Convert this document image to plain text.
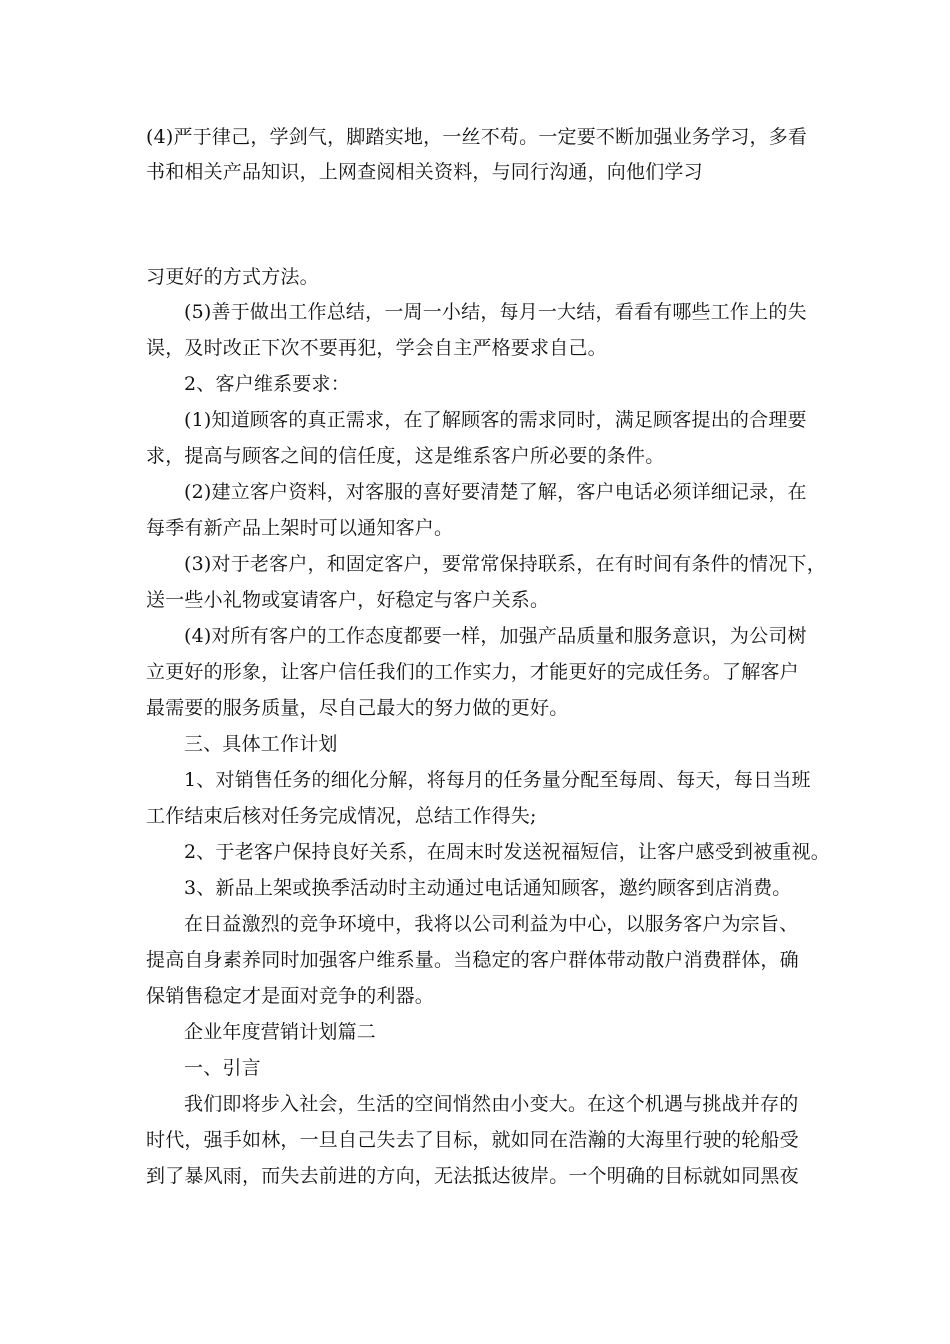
(4)严于律己，学剑气，脚踏实地，一丝不苟。一定要不断加强业务学习，多看
书和相关产品知识，上网查阅相关资料，与同行沟通，向他们学习
习更好的方式方法。
(5)善于做出工作总结，一周一小结，每月一大结，看看有哪些工作上的失
误，及时改正下次不要再犯，学会自主严格要求自己。
2、客户维系要求：
(1)知道顾客的真正需求，在了解顾客的需求同时，满足顾客提出的合理要
求，提高与顾客之间的信任度，这是维系客户所必要的条件。
(2)建立客户资料，对客服的喜好要清楚了解，客户电话必须详细记录，在
每季有新产品上架时可以通知客户。
(3)对于老客户，和固定客户，要常常保持联系，在有时间有条件的情况下，
送一些小礼物或宴请客户，好稳定与客户关系。
(4)对所有客户的工作态度都要一样，加强产品质量和服务意识，为公司树
立更好的形象，让客户信任我们的工作实力，才能更好的完成任务。了解客户
最需要的服务质量，尽自己最大的努力做的更好。
三、具体工作计划
1、对销售任务的细化分解，将每月的任务量分配至每周、每天，每日当班
工作结束后核对任务完成情况，总结工作得失;
2、于老客户保持良好关系，在周末时发送祝福短信，让客户感受到被重视。
3、新品上架或换季活动时主动通过电话通知顾客，邀约顾客到店消费。
在日益激烈的竞争环境中，我将以公司利益为中心，以服务客户为宗旨、
提高自身素养同时加强客户维系量。当稳定的客户群体带动散户消费群体，确
保销售稳定才是面对竞争的利器。
企业年度营销计划篇二
一、引言
我们即将步入社会，生活的空间悄然由小变大。在这个机遇与挑战并存的
时代，强手如林，一旦自己失去了目标，就如同在浩瀚的大海里行驶的轮船受
到了暴风雨，而失去前进的方向，无法抵达彼岸。一个明确的目标就如同黑夜
